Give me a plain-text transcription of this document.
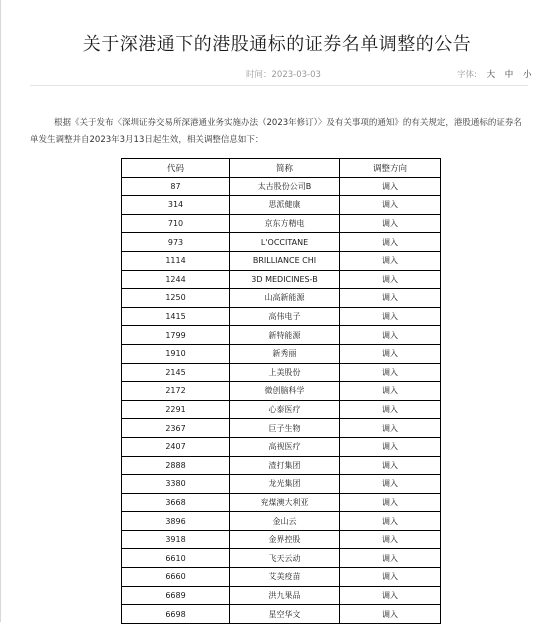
关于深港通下的港股通标的证券名单调整的公告
时间：2023-03-03	字体: 大 中 小

根据《关于发布〈深圳证券交易所深港通业务实施办法（2023年修订）〉及有关事项的通知》的有关规定，港股通标的证券名单发生调整并自2023年3月13日起生效，相关调整信息如下：

代码	简称	调整方向
87	太古股份公司B	调入
314	思派健康	调入
710	京东方精电	调入
973	L'OCCITANE	调入
1114	BRILLIANCE CHI	调入
1244	3D MEDICINES-B	调入
1250	山高新能源	调入
1415	高伟电子	调入
1799	新特能源	调入
1910	新秀丽	调入
2145	上美股份	调入
2172	微创脑科学	调入
2291	心泰医疗	调入
2367	巨子生物	调入
2407	高视医疗	调入
2888	渣打集团	调入
3380	龙光集团	调入
3668	兖煤澳大利亚	调入
3896	金山云	调入
3918	金界控股	调入
6610	飞天云动	调入
6660	艾美疫苗	调入
6689	洪九果品	调入
6698	星空华文	调入
